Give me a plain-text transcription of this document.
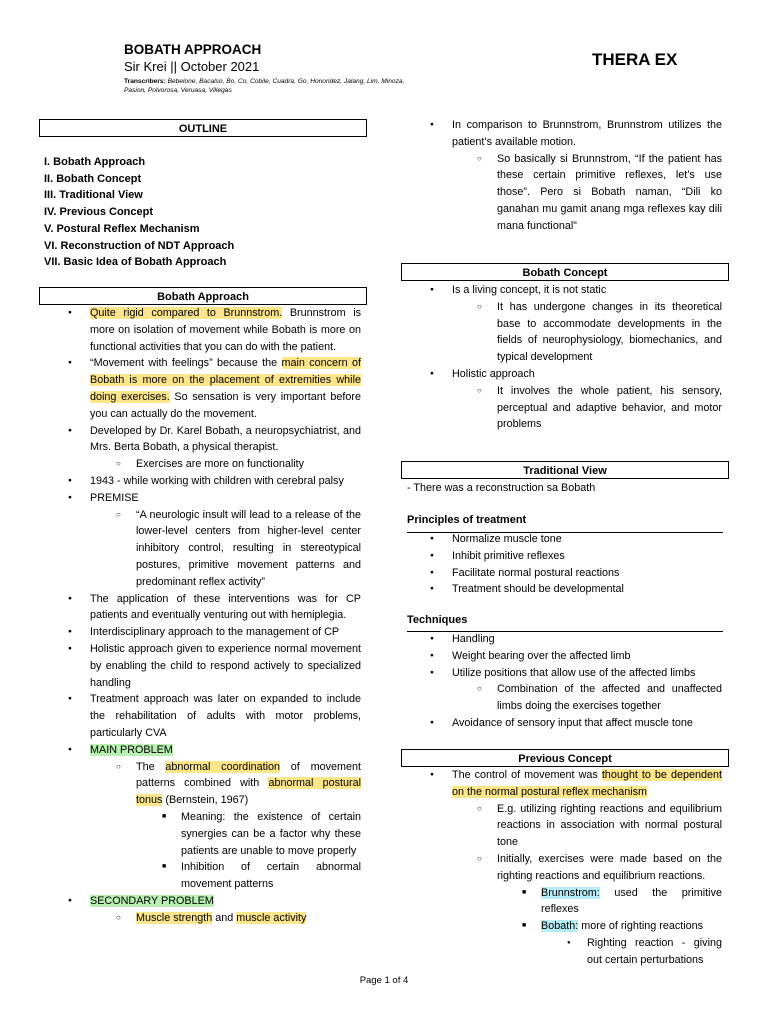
BOBATH APPROACH
Sir Krei || October 2021
Transcribers: Bebelone, Bacalso, Bo, Co, Cobile, Cuadra, Go, Honoridez, Jalang, Lim, Minoza, Pasion, Polvorosa, Veruasa, Villegas
THERA EX
OUTLINE
I. Bobath Approach
II. Bobath Concept
III. Traditional View
IV. Previous Concept
V. Postural Reflex Mechanism
VI. Reconstruction of NDT Approach
VII. Basic Idea of Bobath Approach
Bobath Approach
● Quite rigid compared to Brunnstrom. Brunnstrom is more on isolation of movement while Bobath is more on functional activities that you can do with the patient.
● “Movement with feelings” because the main concern of Bobath is more on the placement of extremities while doing exercises. So sensation is very important before you can actually do the movement.
● Developed by Dr. Karel Bobath, a neuropsychiatrist, and Mrs. Berta Bobath, a physical therapist.
○ Exercises are more on functionality
● 1943 - while working with children with cerebral palsy
● PREMISE
○ “A neurologic insult will lead to a release of the lower-level centers from higher-level center inhibitory control, resulting in stereotypical postures, primitive movement patterns and predominant reflex activity”
● The application of these interventions was for CP patients and eventually venturing out with hemiplegia.
● Interdisciplinary approach to the management of CP
● Holistic approach given to experience normal movement by enabling the child to respond actively to specialized handling
● Treatment approach was later on expanded to include the rehabilitation of adults with motor problems, particularly CVA
● MAIN PROBLEM
○ The abnormal coordination of movement patterns combined with abnormal postural tonus (Bernstein, 1967)
■ Meaning: the existence of certain synergies can be a factor why these patients are unable to move properly
■ Inhibition of certain abnormal movement patterns
● SECONDARY PROBLEM
○ Muscle strength and muscle activity
● In comparison to Brunnstrom, Brunnstrom utilizes the patient’s available motion.
○ So basically si Brunnstrom, “If the patient has these certain primitive reflexes, let’s use those”. Pero si Bobath naman, “Dili ko ganahan mu gamit anang mga reflexes kay dili mana functional”
Bobath Concept
● Is a living concept, it is not static
○ It has undergone changes in its theoretical base to accommodate developments in the fields of neurophysiology, biomechanics, and typical development
● Holistic approach
○ It involves the whole patient, his sensory, perceptual and adaptive behavior, and motor problems
Traditional View
- There was a reconstruction sa Bobath
Principles of treatment
● Normalize muscle tone
● Inhibit primitive reflexes
● Facilitate normal postural reactions
● Treatment should be developmental
Techniques
● Handling
● Weight bearing over the affected limb
● Utilize positions that allow use of the affected limbs
○ Combination of the affected and unaffected limbs doing the exercises together
● Avoidance of sensory input that affect muscle tone
Previous Concept
● The control of movement was thought to be dependent on the normal postural reflex mechanism
○ E.g. utilizing righting reactions and equilibrium reactions in association with normal postural tone
○ Initially, exercises were made based on the righting reactions and equilibrium reactions.
■ Brunnstrom: used the primitive reflexes
■ Bobath: more of righting reactions
● Righting reaction - giving out certain perturbations
Page 1 of 4
